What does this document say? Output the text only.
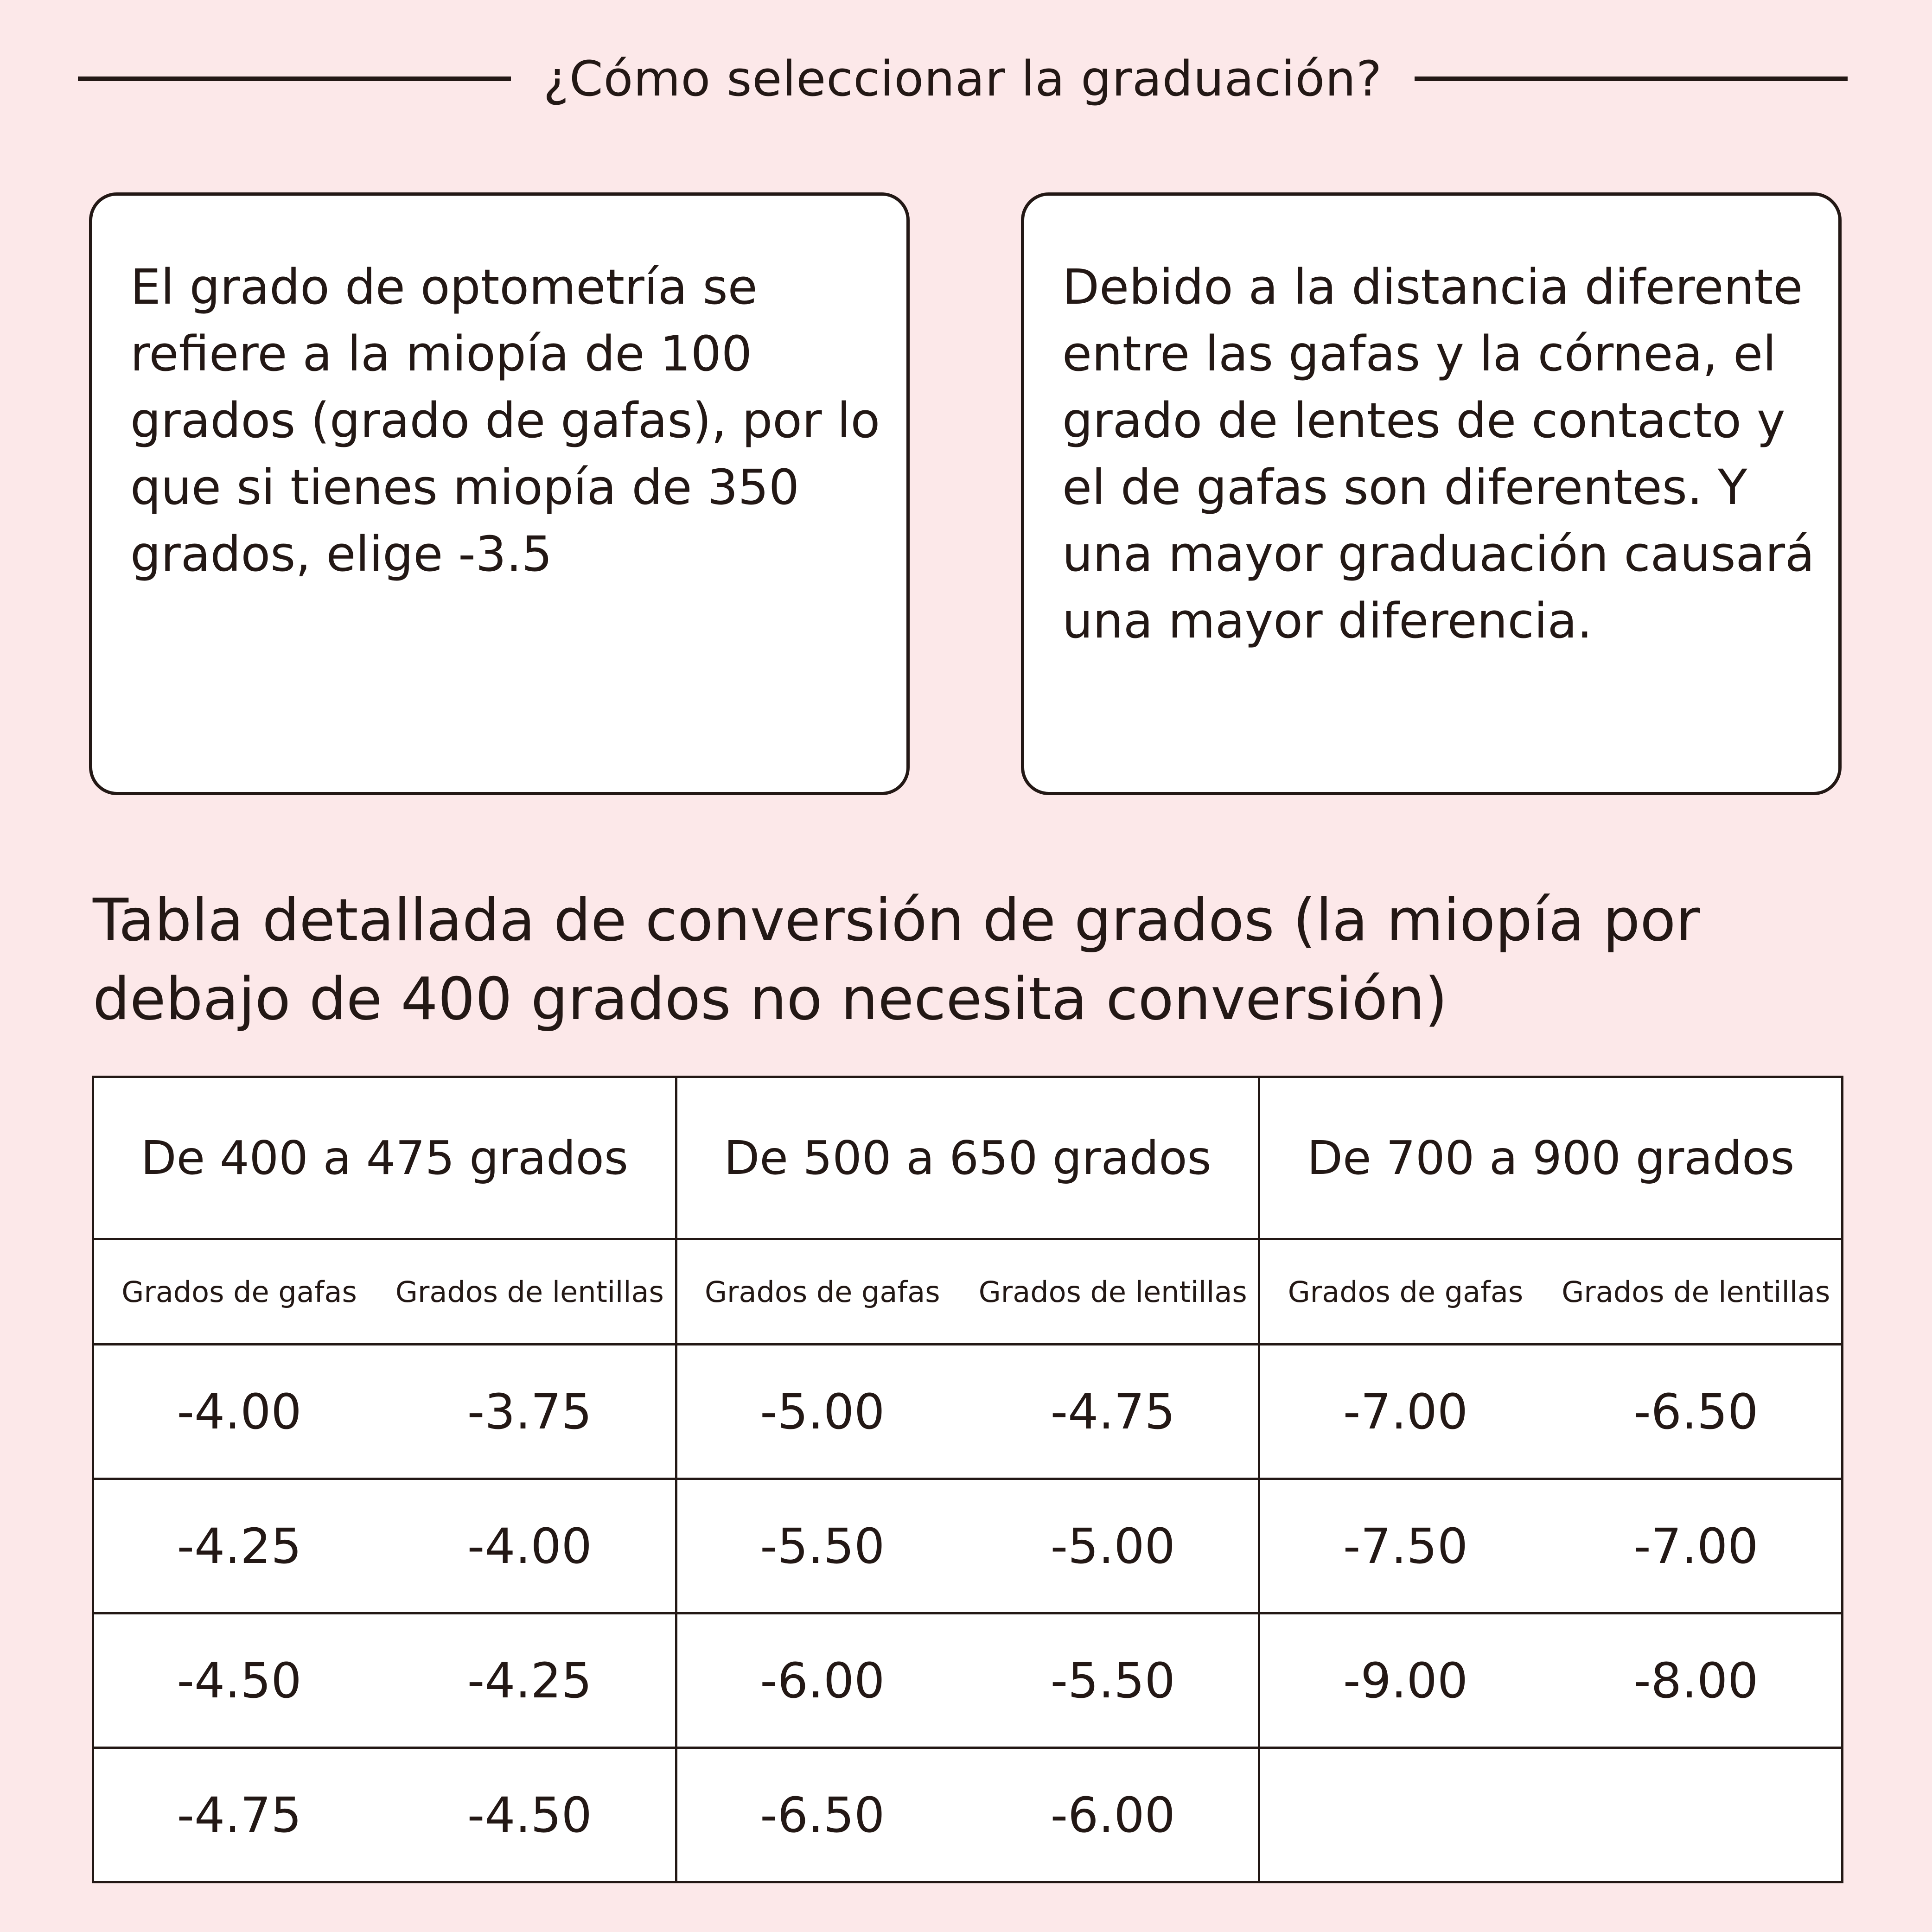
¿Cómo seleccionar la graduación?

El grado de optometría se refiere a la miopía de 100 grados (grado de gafas), por lo que si tienes miopía de 350 grados, elige -3.5

Debido a la distancia diferente entre las gafas y la córnea, el grado de lentes de contacto y el de gafas son diferentes. Y una mayor graduación causará una mayor diferencia.

Tabla detallada de conversión de grados (la miopía por debajo de 400 grados no necesita conversión)
De 400 a 475 grados		De 500 a 650 grados		De 700 a 900 grados	
Grados de gafas	Grados de lentillas	Grados de gafas	Grados de lentillas	Grados de gafas	Grados de lentillas
-4.00	-3.75	-5.00	-4.75	-7.00	-6.50
-4.25	-4.00	-5.50	-5.00	-7.50	-7.00
-4.50	-4.25	-6.00	-5.50	-9.00	-8.00
-4.75	-4.50	-6.50	-6.00		
